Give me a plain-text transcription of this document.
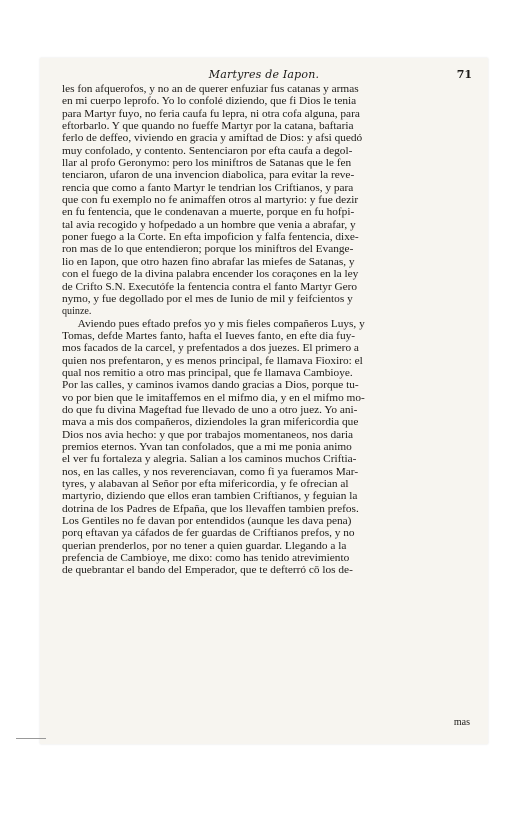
Martyres de Iapon.	71
les fon afquerofos, y no an de querer enfuziar fus catanas y armas
en mi cuerpo leprofo. Yo lo confolé diziendo, que fi Dios le tenia
para Martyr fuyo, no feria caufa fu lepra, ni otra cofa alguna, para
eftorbarlo. Y que quando no fueffe Martyr por la catana, baftaria
ferlo de deffeo, viviendo en gracia y amiftad de Dios: y afsi quedó
muy confolado, y contento. Sentenciaron por efta caufa a degol-
llar al profo Geronymo: pero los miniftros de Satanas que le fen
tenciaron, ufaron de una invencion diabolica, para evitar la reve-
rencia que como a fanto Martyr le tendrian los Criftianos, y para
que con fu exemplo no fe animaffen otros al martyrio: y fue dezir
en fu fentencia, que le condenavan a muerte, porque en fu hofpi-
tal avia recogido y hofpedado a un hombre que venia a abrafar, y
poner fuego a la Corte. En efta impoficion y falfa fentencia, dixe-
ron mas de lo que entendieron; porque los miniftros del Evange-
lio en Iapon, que otro hazen fino abrafar las miefes de Satanas, y
con el fuego de la divina palabra encender los coraçones en la ley
de Crifto S.N. Executófe la fentencia contra el fanto Martyr Gero
nymo, y fue degollado por el mes de Iunio de mil y feifcientos y
quinze.
Aviendo pues eftado prefos yo y mis fieles compañeros Luys, y
Tomas, defde Martes fanto, hafta el Iueves fanto, en efte dia fuy-
mos facados de la carcel, y prefentados a dos juezes. El primero a
quien nos prefentaron, y es menos principal, fe llamava Fioxiro: el
qual nos remitio a otro mas principal, que fe llamava Cambioye.
Por las calles, y caminos ivamos dando gracias a Dios, porque tu-
vo por bien que le imitaffemos en el mifmo dia, y en el mifmo mo-
do que fu divina Mageftad fue llevado de uno a otro juez. Yo ani-
mava a mis dos compañeros, diziendoles la gran mifericordia que
Dios nos avia hecho: y que por trabajos momentaneos, nos daria
premios eternos. Yvan tan confolados, que a mi me ponia animo
el ver fu fortaleza y alegria. Salian a los caminos muchos Criftia-
nos, en las calles, y nos reverenciavan, como fi ya fueramos Mar-
tyres, y alabavan al Señor por efta mifericordia, y fe ofrecian al
martyrio, diziendo que ellos eran tambien Criftianos, y feguian la
dotrina de los Padres de Efpaña, que los llevaffen tambien prefos.
Los Gentiles no fe davan por entendidos (aunque les dava pena)
porq eftavan ya cáfados de fer guardas de Criftianos prefos, y no
querian prenderlos, por no tener a quien guardar. Llegando a la
prefencia de Cambioye, me dixo: como has tenido atrevimiento
de quebrantar el bando del Emperador, que te defterró cō los de-
mas
